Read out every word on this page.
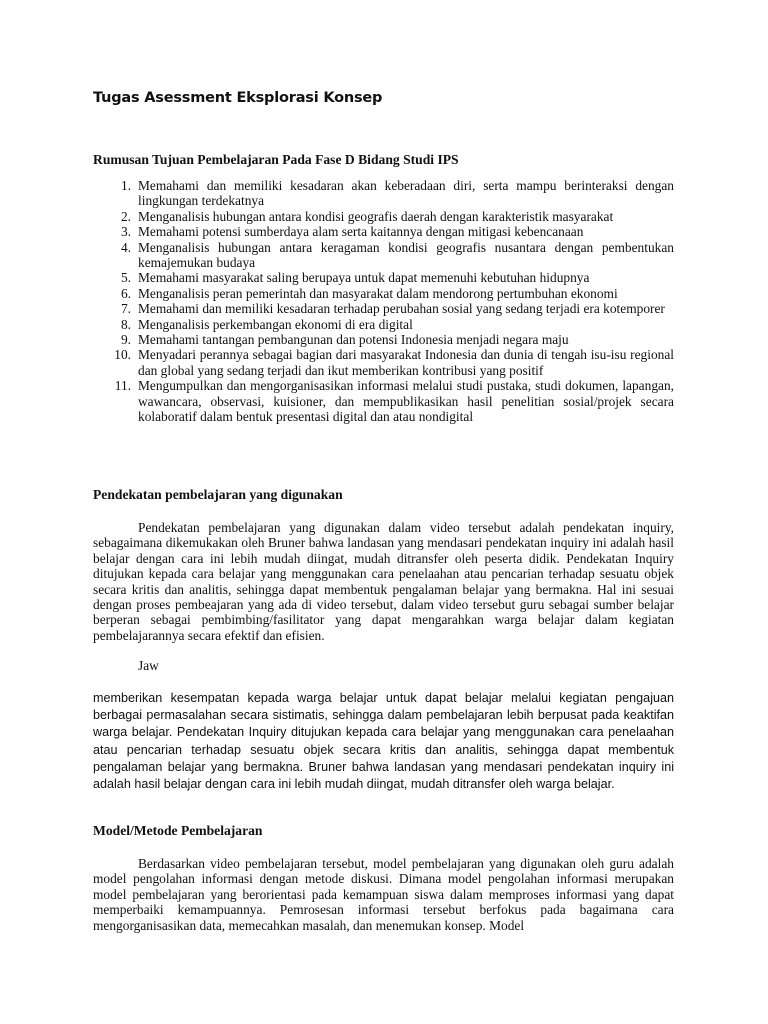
Tugas Asessment Eksplorasi Konsep
Rumusan Tujuan Pembelajaran Pada Fase D Bidang Studi IPS
1. Memahami dan memiliki kesadaran akan keberadaan diri, serta mampu berinteraksi dengan lingkungan terdekatnya
2. Menganalisis hubungan antara kondisi geografis daerah dengan karakteristik masyarakat
3. Memahami potensi sumberdaya alam serta kaitannya dengan mitigasi kebencanaan
4. Menganalisis hubungan antara keragaman kondisi geografis nusantara dengan pembentukan kemajemukan budaya
5. Memahami masyarakat saling berupaya untuk dapat memenuhi kebutuhan hidupnya
6. Menganalisis peran pemerintah dan masyarakat dalam mendorong pertumbuhan ekonomi
7. Memahami dan memiliki kesadaran terhadap perubahan sosial yang sedang terjadi era kotemporer
8. Menganalisis perkembangan ekonomi di era digital
9. Memahami tantangan pembangunan dan potensi Indonesia menjadi negara maju
10. Menyadari perannya sebagai bagian dari masyarakat Indonesia dan dunia di tengah isu-isu regional dan global yang sedang terjadi dan ikut memberikan kontribusi yang positif
11. Mengumpulkan dan mengorganisasikan informasi melalui studi pustaka, studi dokumen, lapangan, wawancara, observasi, kuisioner, dan mempublikasikan hasil penelitian sosial/projek secara kolaboratif dalam bentuk presentasi digital dan atau nondigital
Pendekatan pembelajaran yang digunakan

Pendekatan pembelajaran yang digunakan dalam video tersebut adalah pendekatan inquiry, sebagaimana dikemukakan oleh Bruner bahwa landasan yang mendasari pendekatan inquiry ini adalah hasil belajar dengan cara ini lebih mudah diingat, mudah ditransfer oleh peserta didik. Pendekatan Inquiry ditujukan kepada cara belajar yang menggunakan cara penelaahan atau pencarian terhadap sesuatu objek secara kritis dan analitis, sehingga dapat membentuk pengalaman belajar yang bermakna. Hal ini sesuai dengan proses pembeajaran yang ada di video tersebut, dalam video tersebut guru sebagai sumber belajar berperan sebagai pembimbing/fasilitator yang dapat mengarahkan warga belajar dalam kegiatan pembelajarannya secara efektif dan efisien.

Jaw

memberikan kesempatan kepada warga belajar untuk dapat belajar melalui kegiatan pengajuan berbagai permasalahan secara sistimatis, sehingga dalam pembelajaran lebih berpusat pada keaktifan warga belajar. Pendekatan Inquiry ditujukan kepada cara belajar yang menggunakan cara penelaahan atau pencarian terhadap sesuatu objek secara kritis dan analitis, sehingga dapat membentuk pengalaman belajar yang bermakna. Bruner bahwa landasan yang mendasari pendekatan inquiry ini adalah hasil belajar dengan cara ini lebih mudah diingat, mudah ditransfer oleh warga belajar.

Model/Metode Pembelajaran

Berdasarkan video pembelajaran tersebut, model pembelajaran yang digunakan oleh guru adalah model pengolahan informasi dengan metode diskusi. Dimana model pengolahan informasi merupakan model pembelajaran yang berorientasi pada kemampuan siswa dalam memproses informasi yang dapat memperbaiki kemampuannya. Pemrosesan informasi tersebut berfokus pada bagaimana cara mengorganisasikan data, memecahkan masalah, dan menemukan konsep. Model
